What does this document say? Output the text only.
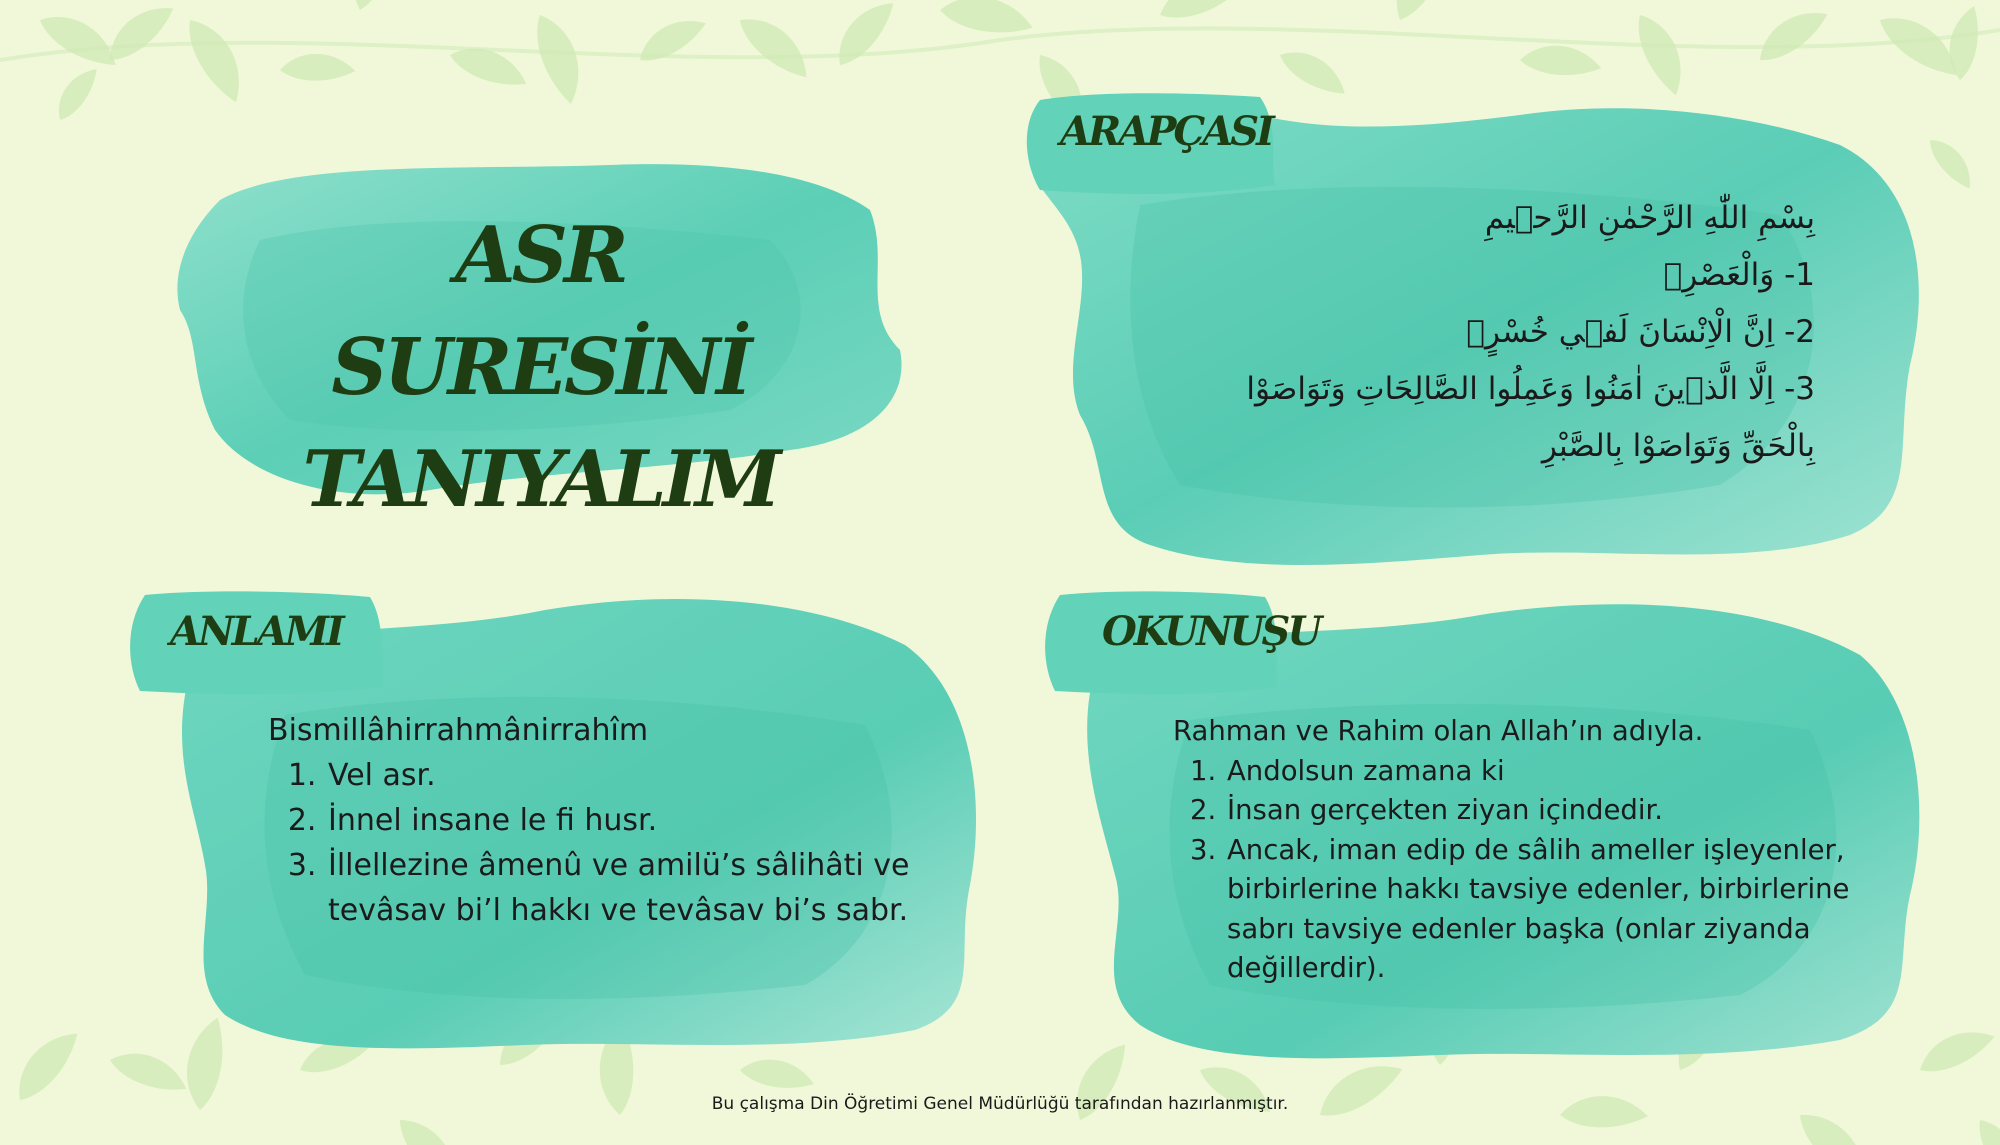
ASR SURESİNİ
TANIYALIM
ARAPÇASI
بِسْمِ اللّٰهِ الرَّحْمٰنِ الرَّح۪يمِ
1- وَالْعَصْرِۙ
2- اِنَّ الْاِنْسَانَ لَف۪ي خُسْرٍۙ
3- اِلَّا الَّذ۪ينَ اٰمَنُوا وَعَمِلُوا الصَّالِحَاتِ وَتَوَاصَوْا
بِالْحَقِّ وَتَوَاصَوْا بِالصَّبْرِ
ANLAMI
Bismillâhirrahmânirrahîm
1. Vel asr.
2. İnnel insane le fi husr.
3. İllellezine âmenû ve amilü’s sâlihâti ve tevâsav bi’l hakkı ve tevâsav bi’s sabr.
OKUNUŞU
Rahman ve Rahim olan Allah’ın adıyla.
1. Andolsun zamana ki
2. İnsan gerçekten ziyan içindedir.
3. Ancak, iman edip de sâlih ameller işleyenler, birbirlerine hakkı tavsiye edenler, birbirlerine sabrı tavsiye edenler başka (onlar ziyanda değillerdir).
Bu çalışma Din Öğretimi Genel Müdürlüğü tarafından hazırlanmıştır.
